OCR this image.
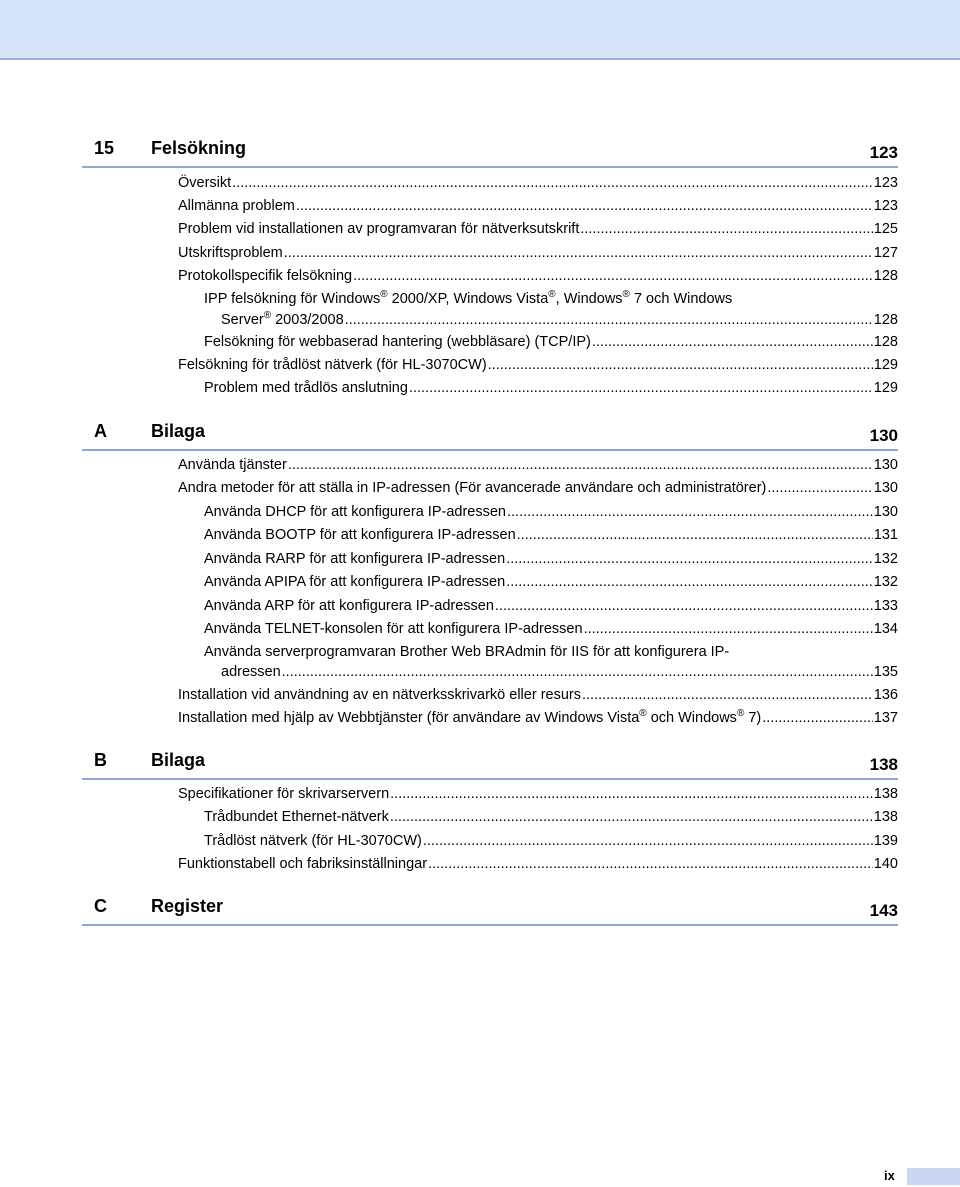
15 Felsökning	123
Översikt .....	123
Allmänna problem .....	123
Problem vid installationen av programvaran för nätverksutskrift .....	125
Utskriftsproblem .....	127
Protokollspecifik felsökning .....	128
IPP felsökning för Windows® 2000/XP, Windows Vista®, Windows® 7 och Windows
Server® 2003/2008 .....	128
Felsökning för webbaserad hantering (webbläsare) (TCP/IP) .....	128
Felsökning för trådlöst nätverk (för HL-3070CW) .....	129
Problem med trådlös anslutning .....	129
A Bilaga	130
Använda tjänster .....	130
Andra metoder för att ställa in IP-adressen (För avancerade användare och administratörer) .....	130
Använda DHCP för att konfigurera IP-adressen .....	130
Använda BOOTP för att konfigurera IP-adressen .....	131
Använda RARP för att konfigurera IP-adressen .....	132
Använda APIPA för att konfigurera IP-adressen .....	132
Använda ARP för att konfigurera IP-adressen .....	133
Använda TELNET-konsolen för att konfigurera IP-adressen .....	134
Använda serverprogramvaran Brother Web BRAdmin för IIS för att konfigurera IP-
adressen .....	135
Installation vid användning av en nätverksskrivarkö eller resurs .....	136
Installation med hjälp av Webbtjänster (för användare av Windows Vista® och Windows® 7) .....	137
B Bilaga	138
Specifikationer för skrivarservern .....	138
Trådbundet Ethernet-nätverk .....	138
Trådlöst nätverk (för HL-3070CW) .....	139
Funktionstabell och fabriksinställningar .....	140
C Register	143
ix
